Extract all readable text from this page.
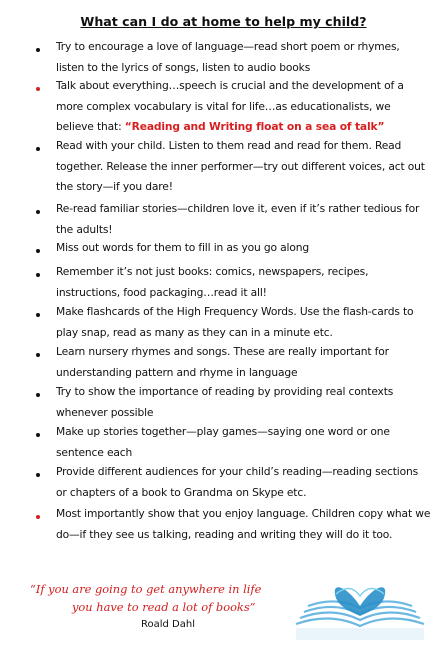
What can I do at home to help my child?
Try to encourage a love of language—read short poem or rhymes, listen to the lyrics of songs, listen to audio books
Talk about everything…speech is crucial and the development of a more complex vocabulary is vital for life…as educationalists, we believe that: “Reading and Writing float on a sea of talk”
Read with your child. Listen to them read and read for them. Read together. Release the inner performer—try out different voices, act out the story—if you dare!
Re-read familiar stories—children love it, even if it’s rather tedious for the adults!
Miss out words for them to fill in as you go along
Remember it’s not just books: comics, newspapers, recipes, instructions, food packaging…read it all!
Make flashcards of the High Frequency Words. Use the flash-cards to play snap, read as many as they can in a minute etc.
Learn nursery rhymes and songs. These are really important for understanding pattern and rhyme in language
Try to show the importance of reading by providing real contexts whenever possible
Make up stories together—play games—saying one word or one sentence each
Provide different audiences for your child’s reading—reading sections or chapters of a book to Grandma on Skype etc.
Most importantly show that you enjoy language. Children copy what we do—if they see us talking, reading and writing they will do it too.
“If you are going to get anywhere in life
you have to read a lot of books”
Roald Dahl
